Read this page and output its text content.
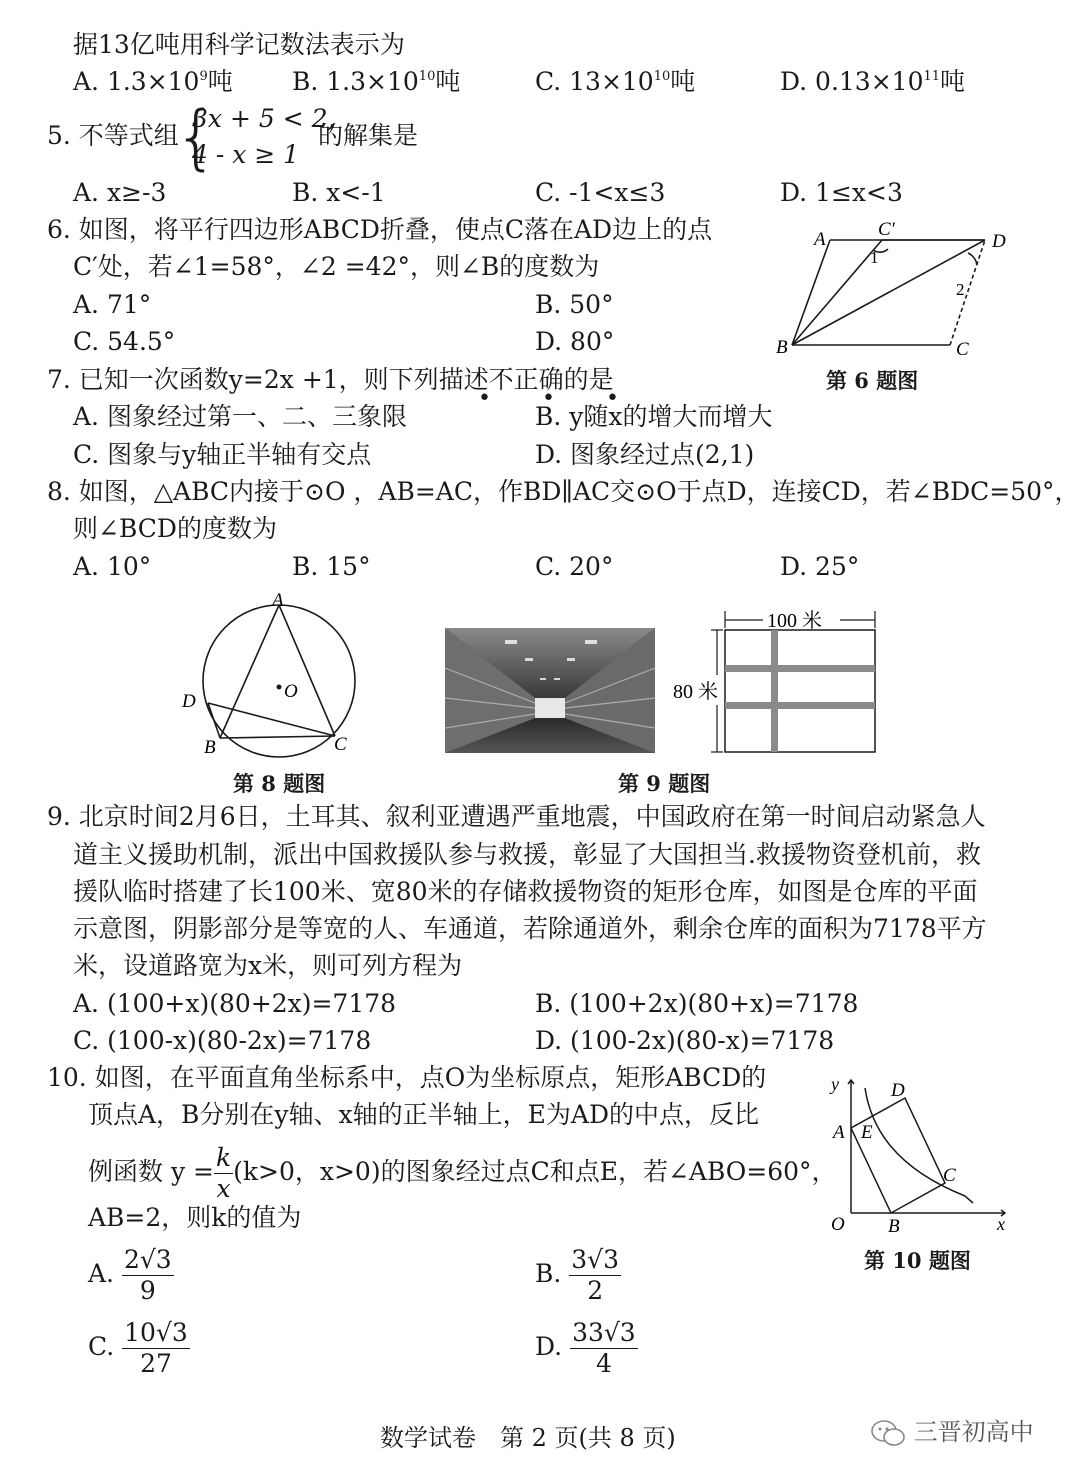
据13亿吨用科学记数法表示为
A. $1.3\times 10^9$吨 B. $1.3\times 10^{10}$吨	C. $13\times 10^{10}$吨	D. $0.13\times 10^{11}$吨
5. 不等式组
{
3x + 5 < 2,
4 - x ≥ 1
的解集是
A. x≥-3	B. x<-1	C. -1<x≤3	D. 1≤x<3
6. 如图，将平行四边形ABCD折叠，使点C落在AD边上的点
C′处，若∠1=58°，∠2 =42°，则∠B的度数为
A. 71°	B. 50°
C. 54.5°	D. 80°
A	C′
D
1
2
B	C
第 6 题图
7. 已知一次函数y=2x +1，则下列描述不正确的是
• • •
A. 图象经过第一、二、三象限	B. y随x的增大而增大
C. 图象与y轴正半轴有交点	D. 图象经过点(2,1)
8. 如图，△ABC内接于⊙O ，AB=AC，作BD∥AC交⊙O于点D，连接CD，若∠BDC=50°，
则∠BCD的度数为
A. 10°	B. 15°	C. 20°	D. 25°
A
O
D
B	C
第 8 题图
100 米
80 米
第 9 题图
9. 北京时间2月6日，土耳其、叙利亚遭遇严重地震，中国政府在第一时间启动紧急人
道主义援助机制，派出中国救援队参与救援，彰显了大国担当.救援物资登机前，救
援队临时搭建了长100米、宽80米的存储救援物资的矩形仓库，如图是仓库的平面
示意图，阴影部分是等宽的人、车通道，若除通道外，剩余仓库的面积为7178平方
米，设道路宽为x米，则可列方程为
A. (100+x)(80+2x)=7178	B. (100+2x)(80+x)=7178
C. (100-x)(80-2x)=7178	D. (100-2x)(80-x)=7178
10. 如图，在平面直角坐标系中，点O为坐标原点，矩形ABCD的
顶点A，B分别在y轴、x轴的正半轴上，E为AD的中点，反比
例函数 $y = \frac{k}{x} (k>0$，x>0)的图象经过点C和点E，若∠ABO=60°，
AB=2，则k的值为
A. $\frac{2√3}{9}$	B. $\frac{3√3}{2}$
C. $\frac{10√3}{27}$	D. $\frac{33√3}{4}$
y	D
A E
C
O B	x
第 10 题图
数学试卷　第 2 页(共 8 页)	三晋初高中
